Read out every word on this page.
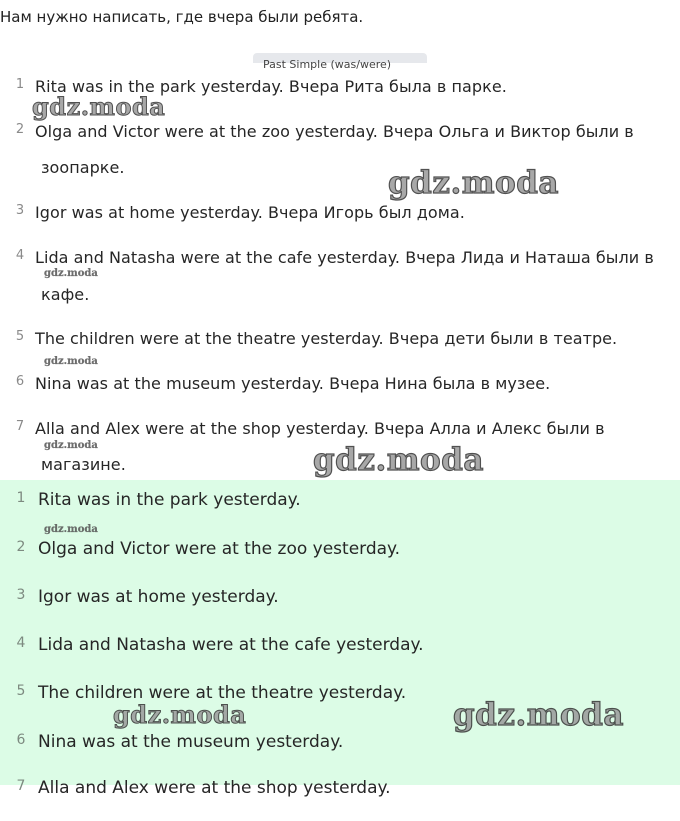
Нам нужно написать, где вчера были ребята.
Past Simple (was/were)
1 Rita was in the park yesterday. Вчера Рита была в парке.
2 Olga and Victor were at the zoo yesterday. Вчера Ольга и Виктор были в
зоопарке.
3 Igor was at home yesterday. Вчера Игорь был дома.
4 Lida and Natasha were at the cafe yesterday. Вчера Лида и Наташа были в
кафе.
5 The children were at the theatre yesterday. Вчера дети были в театре.
6 Nina was at the museum yesterday. Вчера Нина была в музее.
7 Alla and Alex were at the shop yesterday. Вчера Алла и Алекс были в
магазине.
1 Rita was in the park yesterday.
2 Olga and Victor were at the zoo yesterday.
3 Igor was at home yesterday.
4 Lida and Natasha were at the cafe yesterday.
5 The children were at the theatre yesterday.
6 Nina was at the museum yesterday.
7 Alla and Alex were at the shop yesterday.
gdz.moda
gdz.moda
gdz.moda
gdz.moda
gdz.moda	gdz.moda
gdz.moda
gdz.moda	gdz.moda
